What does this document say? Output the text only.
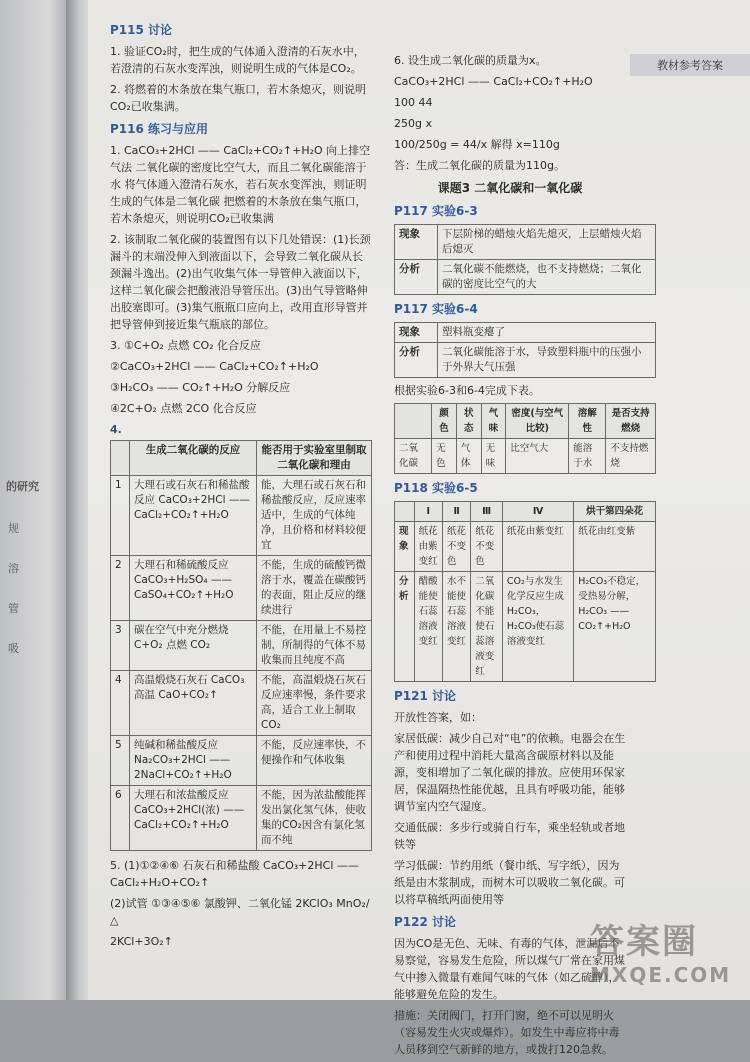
的研究
规
溶
管
吸
教材参考答案
P115 讨论
1. 验证CO₂时，把生成的气体通入澄清的石灰水中，若澄清的石灰水变浑浊，则说明生成的气体是CO₂。
2. 将燃着的木条放在集气瓶口，若木条熄灭，则说明CO₂已收集满。
P116 练习与应用
1. CaCO₃+2HCl —— CaCl₂+CO₂↑+H₂O 向上排空气法 二氧化碳的密度比空气大，而且二氧化碳能溶于水 将气体通入澄清石灰水，若石灰水变浑浊，则证明生成的气体是二氧化碳 把燃着的木条放在集气瓶口，若木条熄灭，则说明CO₂已收集满
2. 该制取二氧化碳的装置图有以下几处错误：(1)长颈漏斗的末端没伸入到液面以下，会导致二氧化碳从长颈漏斗逸出。(2)出气收集气体一导管伸入液面以下，这样二氧化碳会把酸液沿导管压出。(3)出气导管略伸出胶塞即可。(3)集气瓶瓶口应向上，改用直形导管并把导管伸到接近集气瓶底的部位。
3. ①C+O₂ 点燃 CO₂ 化合反应
②CaCO₃+2HCl —— CaCl₂+CO₂↑+H₂O
③H₂CO₃ —— CO₂↑+H₂O 分解反应
④2C+O₂ 点燃 2CO 化合反应
4.
	生成二氧化碳的反应	能否用于实验室里制取二氧化碳和理由
1	大理石或石灰石和稀盐酸反应 CaCO₃+2HCl —— CaCl₂+CO₂↑+H₂O	能，大理石或石灰石和稀盐酸反应，反应速率适中，生成的气体纯净，且价格和材料较便宜
2	大理石和稀硫酸反应 CaCO₃+H₂SO₄ —— CaSO₄+CO₂↑+H₂O	不能，生成的硫酸钙微溶于水，覆盖在碳酸钙的表面，阻止反应的继续进行
3	碳在空气中充分燃烧 C+O₂ 点燃 CO₂	不能，在用量上不易控制，所制得的气体不易收集而且纯度不高
4	高温煅烧石灰石 CaCO₃ 高温 CaO+CO₂↑	不能，高温煅烧石灰石反应速率慢，条件要求高，适合工业上制取CO₂
5	纯碱和稀盐酸反应 Na₂CO₃+2HCl —— 2NaCl+CO₂↑+H₂O	不能，反应速率快，不便操作和气体收集
6	大理石和浓盐酸反应 CaCO₃+2HCl(浓) —— CaCl₂+CO₂↑+H₂O	不能，因为浓盐酸能挥发出氯化氢气体，使收集的CO₂因含有氯化氢而不纯
5. (1)①②④⑥ 石灰石和稀盐酸 CaCO₃+2HCl —— CaCl₂+H₂O+CO₂↑
(2)试管 ①③④⑤⑥ 氯酸钾、二氧化锰 2KClO₃ MnO₂/△
2KCl+3O₂↑
6. 设生成二氧化碳的质量为x。
CaCO₃+2HCl —— CaCl₂+CO₂↑+H₂O
100 44
250g x
100/250g = 44/x 解得 x=110g
答：生成二氧化碳的质量为110g。
课题3 二氧化碳和一氧化碳
P117 实验6-3
现象	下层阶梯的蜡烛火焰先熄灭，上层蜡烛火焰后熄灭
分析	二氧化碳不能燃烧，也不支持燃烧；二氧化碳的密度比空气的大
P117 实验6-4
现象	塑料瓶变瘪了
分析	二氧化碳能溶于水，导致塑料瓶中的压强小于外界大气压强
根据实验6-3和6-4完成下表。
	颜色	状态	气味	密度(与空气比较)	溶解性	是否支持燃烧
二氧化碳	无色	气体	无味	比空气大	能溶于水	不支持燃烧
P118 实验6-5
	Ⅰ	Ⅱ	Ⅲ	Ⅳ	烘干第四朵花
现象	纸花由紫变红	纸花不变色	纸花不变色	纸花由紫变红	纸花由红变紫
分析	醋酸能使石蕊溶液变红	水不能使石蕊溶液变红	二氧化碳不能使石蕊溶液变红	CO₂与水发生化学反应生成H₂CO₃，H₂CO₃使石蕊溶液变红	H₂CO₃不稳定，受热易分解，H₂CO₃ —— CO₂↑+H₂O
P121 讨论
开放性答案，如：
家居低碳：减少自己对“电”的依赖。电器会在生产和使用过程中消耗大量高含碳原材料以及能源，变相增加了二氧化碳的排放。应使用环保家居，保温隔热性能优越，且具有呼吸功能，能够调节室内空气湿度。
交通低碳：多步行或骑自行车，乘坐轻轨或者地铁等
学习低碳：节约用纸（餐巾纸、写字纸），因为纸是由木浆制成，而树木可以吸收二氧化碳。可以将草稿纸两面使用等
P122 讨论
因为CO是无色、无味、有毒的气体，泄漏后不易察觉，容易发生危险，所以煤气厂常在家用煤气中掺入微量有难闻气味的气体（如乙硫醇），能够避免危险的发生。
措施：关闭阀门，打开门窗，绝不可以见明火（容易发生火灾或爆炸）。如发生中毒应将中毒人员移到空气新鲜的地方，或拨打120急救。
答案圈
MXQE.COM
